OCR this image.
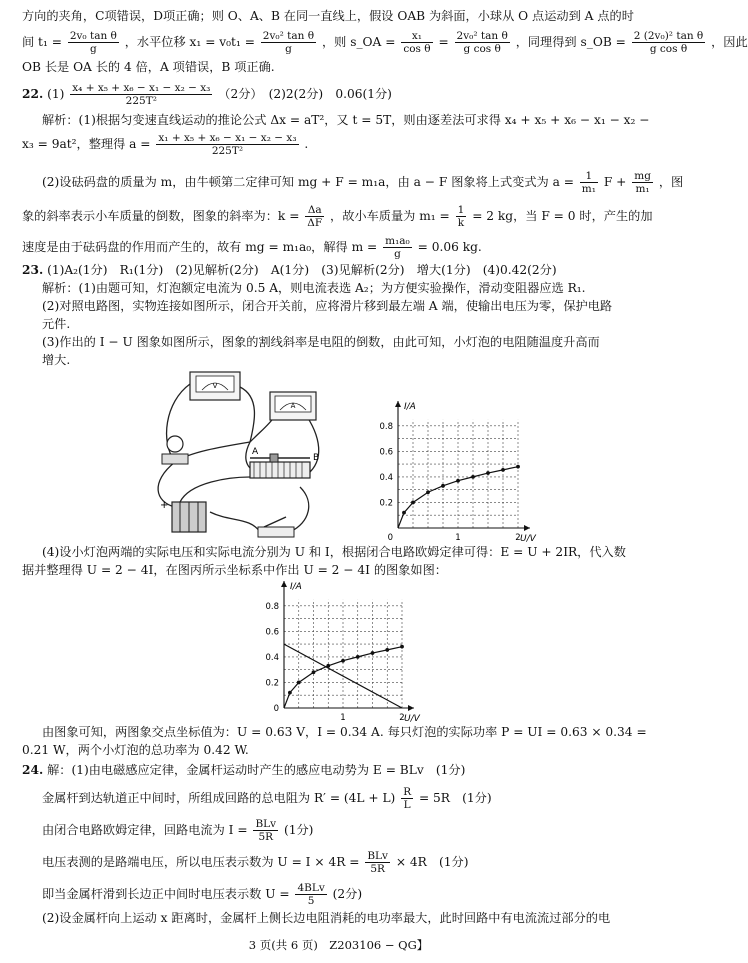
方向的夹角，C项错误，D项正确；则 O、A、B 在同一直线上，假设 OAB 为斜面，小球从 O 点运动到 A 点的时
间 $t_1 = \frac{\text{2v₀ tan θ}}{g}$ ，水平位移 $x_1 = v_0t_1 = \frac{\text{2v₀² tan θ}}{g}$ ，则 s_OA = $\frac{\text{x₁}}{\text{cos θ}} = \frac{\text{2v₀² tan θ}}{\text{g cos θ}}$ ，同理得到 s_OB = $\frac{\text{2 (2v₀)² tan θ}}{\text{g cos θ}}$ ，因此
OB 长是 OA 长的 4 倍，A 项错误，B 项正确.
22. $(1) \frac{\text{x₄ + x₅ + x₆ − x₁ − x₂ − x₃}}{\text{225T²}} (2$分）　(2)2(2分)　0.06(1分)
解析：(1)根据匀变速直线运动的推论公式 Δx = aT²，又 t = 5T，则由逐差法可求得 x₄ + x₅ + x₆ − x₁ − x₂ −
x₃ = 9at²，整理得 $a = \frac{\text{x₁ + x₅ + x₆ − x₁ − x₂ − x₃}}{\text{225T²}}$ .
(2)设砝码盘的质量为 m，由牛顿第二定律可知 mg + F = m₁a，由 a − F 图象将上式变式为 $a = \frac{1}{\text{m₁}}$ $F + \frac{mg}{\text{m₁}}$ ，图
象的斜率表示小车质量的倒数，图象的斜率为：$k = \frac{\Delta a}{\Delta F}$ ，故小车质量为 $m_1 = \frac{1}{k} = 2$ kg，当 F = 0 时，产生的加
速度是由于砝码盘的作用而产生的，故有 mg = m₁a₀，解得 $m = \frac{\text{m₁a₀}}{g} = 0.06$ kg.
23. (1)A₂(1分)　R₁(1分)　(2)见解析(2分)　A(1分)　(3)见解析(2分)　增大(1分)　(4)0.42(2分)
解析：(1)由题可知，灯泡额定电流为 0.5 A，则电流表选 A₂；为方便实验操作，滑动变阻器应选 R₁.
(2)对照电路图，实物连接如图所示，闭合开关前，应将滑片移到最左端 A 端，使输出电压为零，保护电路
元件.
(3)作出的 I − U 图象如图所示，图象的割线斜率是电阻的倒数，由此可知，小灯泡的电阻随温度升高而
增大.
V
A
A
B
+
I/A
U/V
0.2
0.4
0.6
0.8
0	1	2
(4)设小灯泡两端的实际电压和实际电流分别为 U 和 I，根据闭合电路欧姆定律可得：E = U + 2IR，代入数
据并整理得 U = 2 − 4I，在图丙所示坐标系中作出 U = 2 − 4I 的图象如图：
I/A
U/V
0
0.2
0.4
0.6
0.8
1	2
由图象可知，两图象交点坐标值为：U = 0.63 V，I = 0.34 A. 每只灯泡的实际功率 P = UI = 0.63 × 0.34 =
0.21 W，两个小灯泡的总功率为 0.42 W.
24. 解：(1)由电磁感应定律，金属杆运动时产生的感应电动势为 E = BLv　(1分)
金属杆到达轨道正中间时，所组成回路的总电阻为 $R' = (4L + L) \frac{R}{L} = 5R$　(1分)
由闭合电路欧姆定律，回路电流为 $I = \frac{\text{BLv}}{5R} (1$分)
电压表测的是路端电压，所以电压表示数为 $U = I \times 4R = \frac{\text{BLv}}{5R} \times 4R$　(1分)
即当金属杆滑到长边正中间时电压表示数 $U = \frac{\text{4BLv}}{5} (2$分)
(2)设金属杆向上运动 x 距离时，金属杆上侧长边电阻消耗的电功率最大，此时回路中有电流流过部分的电
3 页(共 6 页)　Z203106 − QG】
